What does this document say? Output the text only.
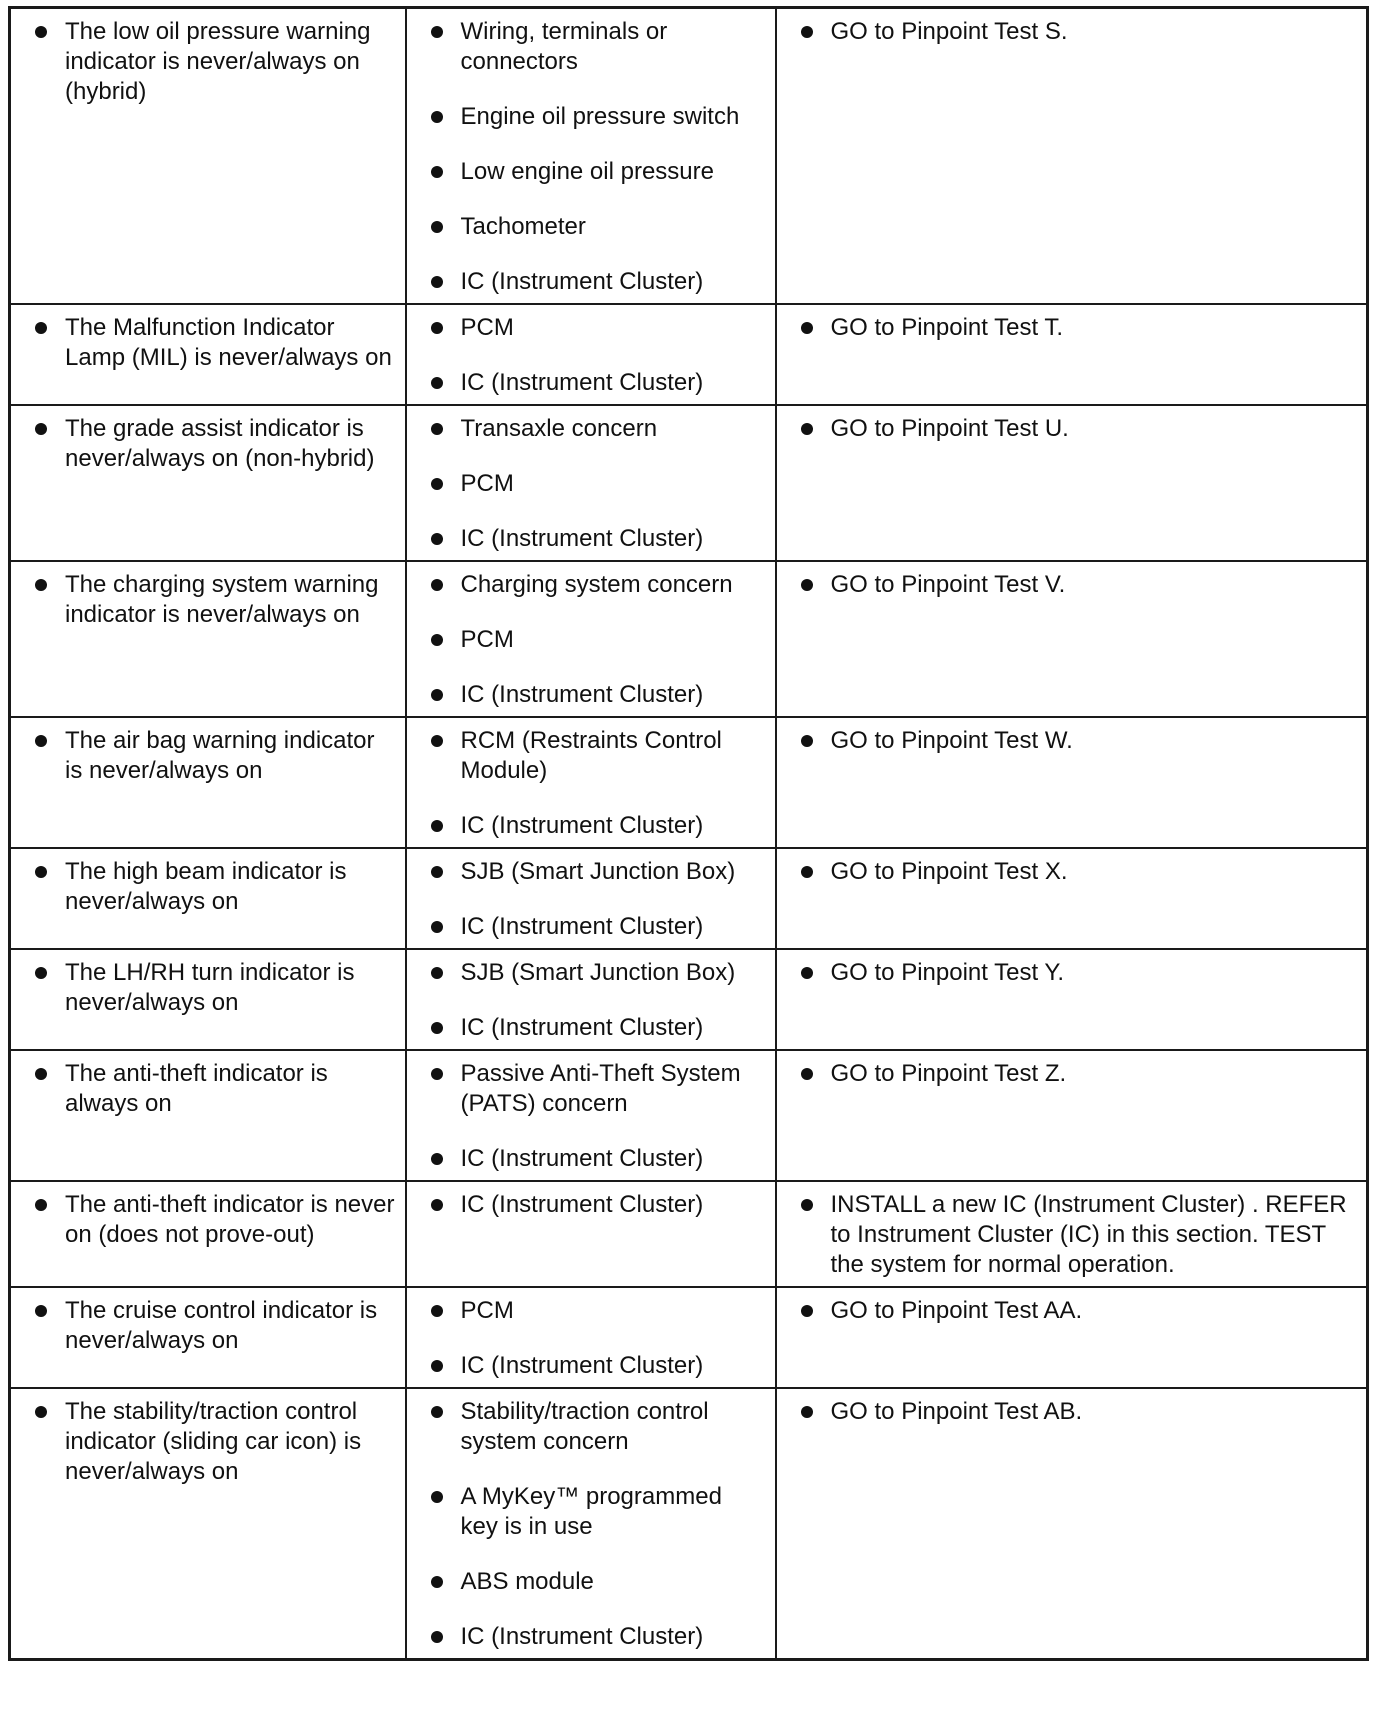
The low oil pressure warning indicator is never/always on (hybrid)	Wiring, terminals or connectors
Engine oil pressure switch
Low engine oil pressure
Tachometer
IC (Instrument Cluster)	GO to Pinpoint Test S.

The Malfunction Indicator Lamp (MIL) is never/always on	PCM
IC (Instrument Cluster)	GO to Pinpoint Test T.

The grade assist indicator is never/always on (non-hybrid)	Transaxle concern
PCM
IC (Instrument Cluster)	GO to Pinpoint Test U.

The charging system warning indicator is never/always on	Charging system concern
PCM
IC (Instrument Cluster)	GO to Pinpoint Test V.

The air bag warning indicator is never/always on	RCM (Restraints Control Module)
IC (Instrument Cluster)	GO to Pinpoint Test W.

The high beam indicator is never/always on	SJB (Smart Junction Box)
IC (Instrument Cluster)	GO to Pinpoint Test X.

The LH/RH turn indicator is never/always on	SJB (Smart Junction Box)
IC (Instrument Cluster)	GO to Pinpoint Test Y.

The anti-theft indicator is always on	Passive Anti-Theft System (PATS) concern
IC (Instrument Cluster)	GO to Pinpoint Test Z.

The anti-theft indicator is never on (does not prove-out)	IC (Instrument Cluster)	INSTALL a new IC (Instrument Cluster) . REFER to Instrument Cluster (IC) in this section. TEST the system for normal operation.

The cruise control indicator is never/always on	PCM
IC (Instrument Cluster)	GO to Pinpoint Test AA.

The stability/traction control indicator (sliding car icon) is never/always on	Stability/traction control system concern
A MyKey™ programmed key is in use
ABS module
IC (Instrument Cluster)	GO to Pinpoint Test AB.
